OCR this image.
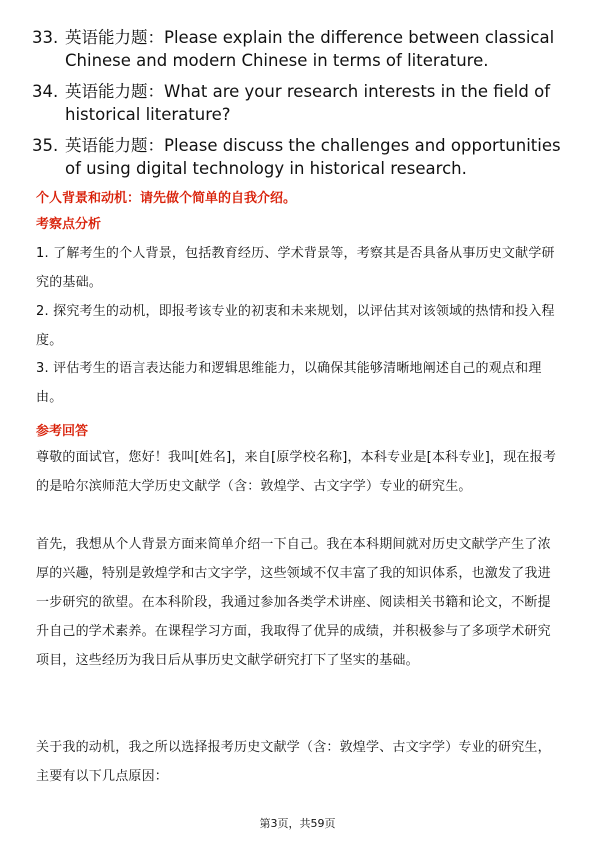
33. 英语能力题：Please explain the difference between classical Chinese and modern Chinese in terms of literature.
34. 英语能力题：What are your research interests in the field of historical literature?
35. 英语能力题：Please discuss the challenges and opportunities of using digital technology in historical research.
个人背景和动机：请先做个简单的自我介绍。
考察点分析
1. 了解考生的个人背景，包括教育经历、学术背景等，考察其是否具备从事历史文献学研究的基础。
2. 探究考生的动机，即报考该专业的初衷和未来规划，以评估其对该领域的热情和投入程度。
3. 评估考生的语言表达能力和逻辑思维能力，以确保其能够清晰地阐述自己的观点和理由。
参考回答
尊敬的面试官，您好！我叫[姓名]，来自[原学校名称]，本科专业是[本科专业]，现在报考的是哈尔滨师范大学历史文献学（含：敦煌学、古文字学）专业的研究生。
首先，我想从个人背景方面来简单介绍一下自己。我在本科期间就对历史文献学产生了浓厚的兴趣，特别是敦煌学和古文字学，这些领域不仅丰富了我的知识体系，也激发了我进一步研究的欲望。在本科阶段，我通过参加各类学术讲座、阅读相关书籍和论文，不断提升自己的学术素养。在课程学习方面，我取得了优异的成绩，并积极参与了多项学术研究项目，这些经历为我日后从事历史文献学研究打下了坚实的基础。
关于我的动机，我之所以选择报考历史文献学（含：敦煌学、古文字学）专业的研究生，主要有以下几点原因：
第3页，共59页
